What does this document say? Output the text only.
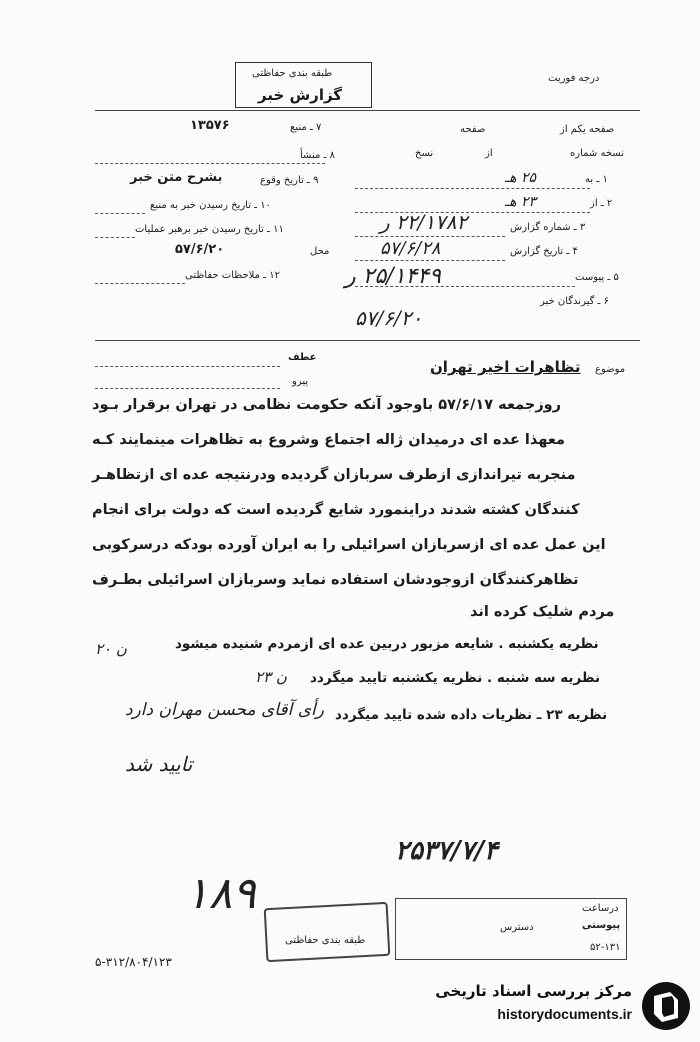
طبقه بندی حفاظتی
گزارش خبر
درجه فوریت
۷ ـ منبع
۱۳۵۷۶
۸ ـ منشأ
۹ ـ تاریخ وقوع
بشرح متن خبر
۱۰ ـ تاریخ رسیدن خبر به منبع
۱۱ ـ تاریخ رسیدن خبر برهبر عملیات
محل
۵۷/۶/۲۰
۱۲ ـ ملاحظات حفاظتی
صفحه یکم از
صفحه
نسخه شماره
از
نسخ
۱ ـ به
۲۵ هـ
۲ ـ از
۲۳ هـ
۳ ـ شماره گزارش
۲۲/۱۷۸۲ ر
۴ ـ تاریخ گزارش
۵۷/۶/۲۸
۵ ـ پیوست
۲۵/۱۴۴۹ ر
۶ ـ گیرندگان خبر
۵۷/۶/۲۰
عطف
پیرو
موضوع
تظاهرات اخیر تهران
روزجمعه ۵۷/۶/۱۷ باوجود آنکه حکومت نظامی در تهران برقرار بـود
معهذا عده ای درمیدان ژاله اجتماع وشروع به تظاهرات مینمایند کـه
منجربه تیراندازی ازطرف سربازان گردیده ودرنتیجه عده ای ازتظاهـر
کنندگان کشته شدند دراینمورد شایع گردیده است که دولت برای انجام
این عمل عده ای ازسربازان اسرائیلی را به ایران آورده بودکه درسرکوبی
تظاهرکنندگان ازوجودشان استفاده نماید وسربازان اسرائیلی بطـرف
مردم شلیک کرده اند
نظریه یکشنبه . شایعه مزبور دربین عده ای ازمردم شنیده میشود
ن ۲۰
نظریه سه شنبه . نظریه یکشنبه تایید میگردد
ن ۲۳
نظریه ۲۳ ـ نظریات داده شده تایید میگردد
رأی آقای محسن مهران دارد
تایید شد
۲۵۳۷/۷/۴
۱۸۹	درساعت
دسترس	پیوستی
۵۲-۱۳۱
طبقه بندی حفاظتی
۵-۳۱۲/۸۰۴/۱۲۳
مرکز بررسی اسناد تاریخی
historydocuments.ir
